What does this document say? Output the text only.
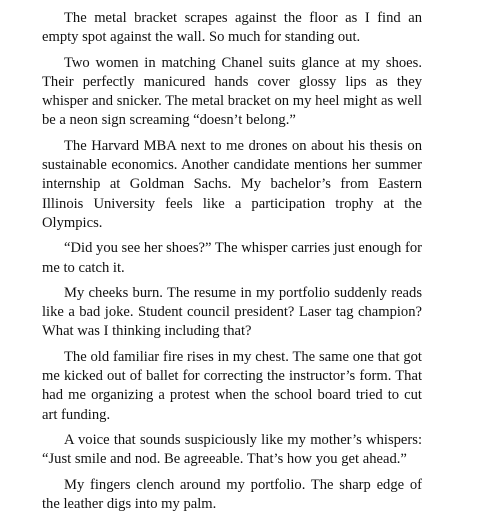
The metal bracket scrapes against the floor as I find an empty spot against the wall. So much for standing out.

Two women in matching Chanel suits glance at my shoes. Their perfectly manicured hands cover glossy lips as they whisper and snicker. The metal bracket on my heel might as well be a neon sign screaming “doesn’t belong.”

The Harvard MBA next to me drones on about his thesis on sustainable economics. Another candidate mentions her summer internship at Goldman Sachs. My bachelor’s from Eastern Illinois University feels like a participation trophy at the Olympics.

“Did you see her shoes?” The whisper carries just enough for me to catch it.

My cheeks burn. The resume in my portfolio suddenly reads like a bad joke. Student council president? Laser tag champion? What was I thinking including that?

The old familiar fire rises in my chest. The same one that got me kicked out of ballet for correcting the instructor’s form. That had me organizing a protest when the school board tried to cut art funding.

A voice that sounds suspiciously like my mother’s whispers: “Just smile and nod. Be agreeable. That’s how you get ahead.”

My fingers clench around my portfolio. The sharp edge of the leather digs into my palm.
